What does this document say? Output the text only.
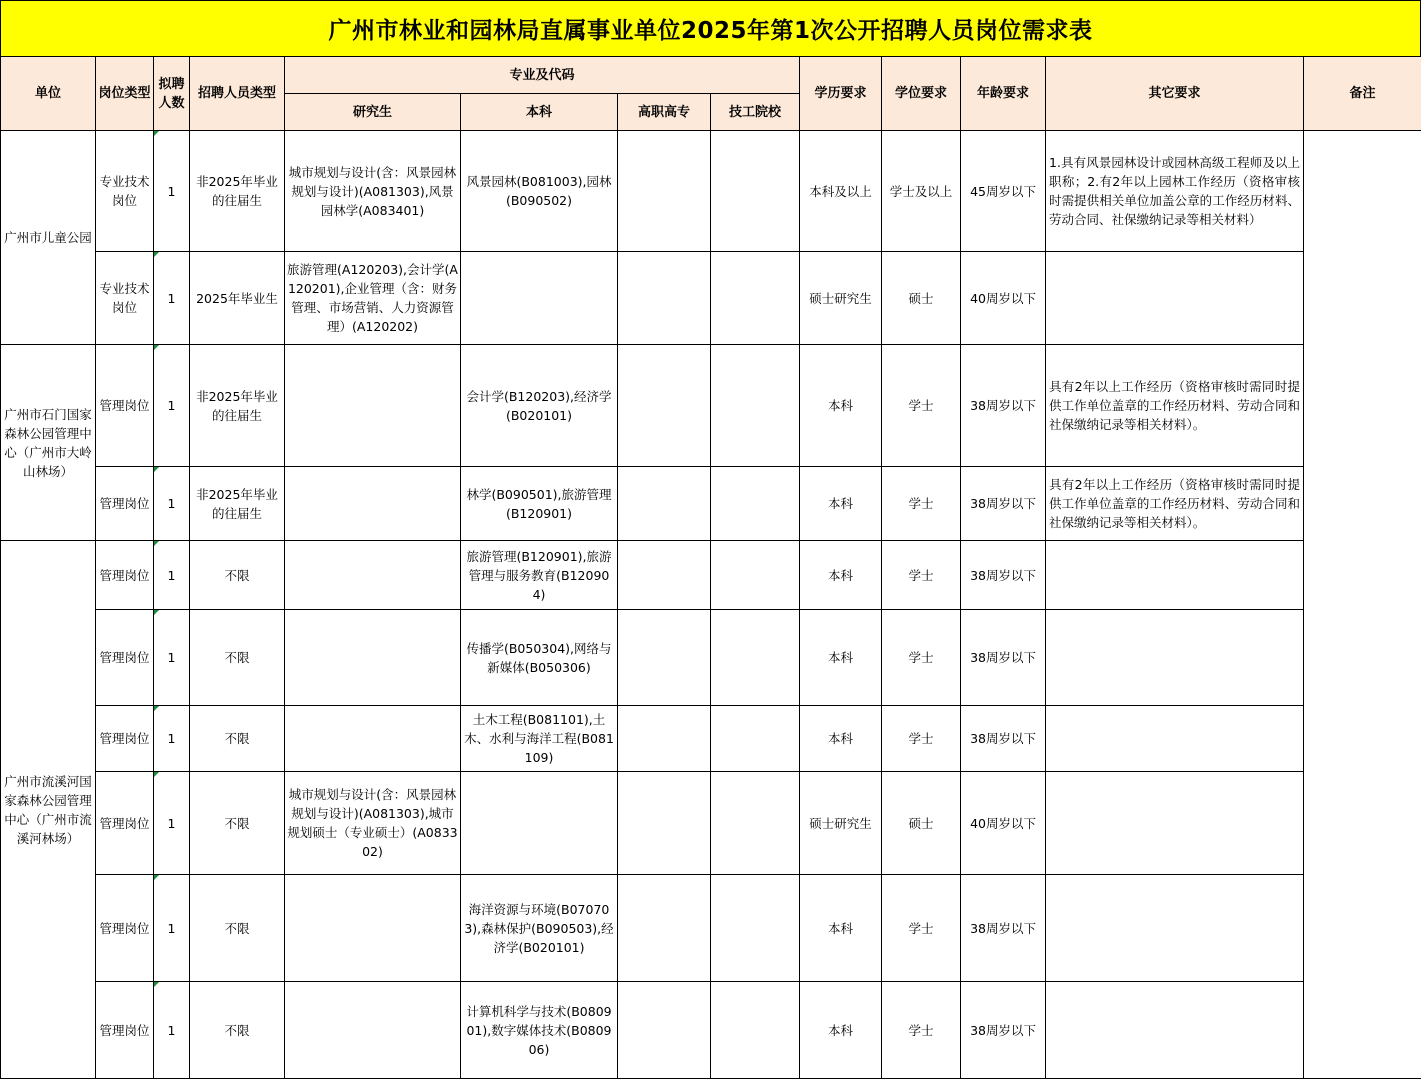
广州市林业和园林局直属事业单位2025年第1次公开招聘人员岗位需求表
单位	岗位类型	拟聘人数	招聘人员类型	专业及代码				学历要求	学位要求	年龄要求	其它要求	备注
				研究生	本科	高职高专	技工院校					
广州市儿童公园	专业技术岗位	1	非2025年毕业的往届生	城市规划与设计(含：风景园林规划与设计)(A081303),风景园林学(A083401)	风景园林(B081003),园林(B090502)			本科及以上	学士及以上	45周岁以下	1.具有风景园林设计或园林高级工程师及以上职称；2.有2年以上园林工作经历（资格审核时需提供相关单位加盖公章的工作经历材料、劳动合同、社保缴纳记录等相关材料）	
	专业技术岗位	1	2025年毕业生	旅游管理(A120203),会计学(A120201),企业管理（含：财务管理、市场营销、人力资源管理）(A120202)				硕士研究生	硕士	40周岁以下		
广州市石门国家森林公园管理中心（广州市大岭山林场）	管理岗位	1	非2025年毕业的往届生		会计学(B120203),经济学(B020101)			本科	学士	38周岁以下	具有2年以上工作经历（资格审核时需同时提供工作单位盖章的工作经历材料、劳动合同和社保缴纳记录等相关材料）。	
	管理岗位	1	非2025年毕业的往届生		林学(B090501),旅游管理(B120901)			本科	学士	38周岁以下	具有2年以上工作经历（资格审核时需同时提供工作单位盖章的工作经历材料、劳动合同和社保缴纳记录等相关材料）。	
广州市流溪河国家森林公园管理中心（广州市流溪河林场）	管理岗位	1	不限		旅游管理(B120901),旅游管理与服务教育(B120904)			本科	学士	38周岁以下		
	管理岗位	1	不限		传播学(B050304),网络与新媒体(B050306)			本科	学士	38周岁以下		
	管理岗位	1	不限		土木工程(B081101),土木、水利与海洋工程(B081109)			本科	学士	38周岁以下		
	管理岗位	1	不限	城市规划与设计(含：风景园林规划与设计)(A081303),城市规划硕士（专业硕士）(A083302)				硕士研究生	硕士	40周岁以下		
	管理岗位	1	不限		海洋资源与环境(B070703),森林保护(B090503),经济学(B020101)			本科	学士	38周岁以下		
	管理岗位	1	不限		计算机科学与技术(B080901),数字媒体技术(B080906)			本科	学士	38周岁以下		
